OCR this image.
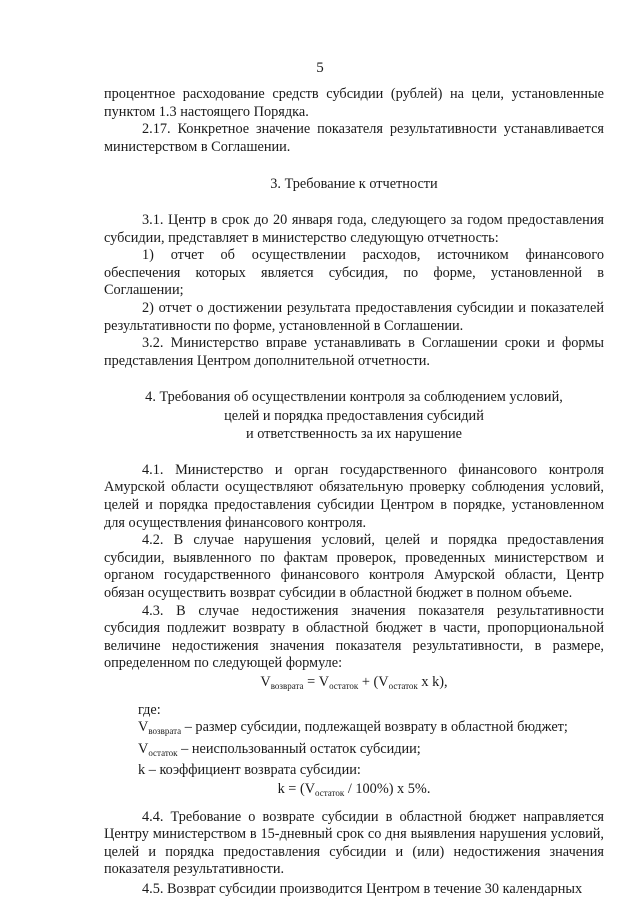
5

процентное расходование средств субсидии (рублей) на цели, установленные пунктом 1.3 настоящего Порядка.

2.17. Конкретное значение показателя результативности устанавливается министерством в Соглашении.

3. Требование к отчетности

3.1. Центр в срок до 20 января года, следующего за годом предоставления субсидии, представляет в министерство следующую отчетность:

1) отчет об осуществлении расходов, источником финансового обеспечения которых является субсидия, по форме, установленной в Соглашении;

2) отчет о достижении результата предоставления субсидии и показателей результативности по форме, установленной в Соглашении.

3.2. Министерство вправе устанавливать в Соглашении сроки и формы представления Центром дополнительной отчетности.

4. Требования об осуществлении контроля за соблюдением условий,
целей и порядка предоставления субсидий
и ответственность за их нарушение

4.1. Министерство и орган государственного финансового контроля Амурской области осуществляют обязательную проверку соблюдения условий, целей и порядка предоставления субсидии Центром в порядке, установленном для осуществления финансового контроля.

4.2. В случае нарушения условий, целей и порядка предоставления субсидии, выявленного по фактам проверок, проведенных министерством и органом государственного финансового контроля Амурской области, Центр обязан осуществить возврат субсидии в областной бюджет в полном объеме.

4.3. В случае недостижения значения показателя результативности субсидия подлежит возврату в областной бюджет в части, пропорциональной величине недостижения значения показателя результативности, в размере, определенном по следующей формуле:

$V_{возврата} = V_{остаток} + (V_{остаток}$ x k),

где:

$V_{возврата}$ – размер субсидии, подлежащей возврату в областной бюджет;

$V_{остаток}$ – неиспользованный остаток субсидии;

k – коэффициент возврата субсидии:

$k = (V_{остаток} / 100\%)$ x 5%.

4.4. Требование о возврате субсидии в областной бюджет направляется Центру министерством в 15-дневный срок со дня выявления нарушения условий, целей и порядка предоставления субсидии и (или) недостижения значения показателя результативности.

4.5. Возврат субсидии производится Центром в течение 30 календарных
